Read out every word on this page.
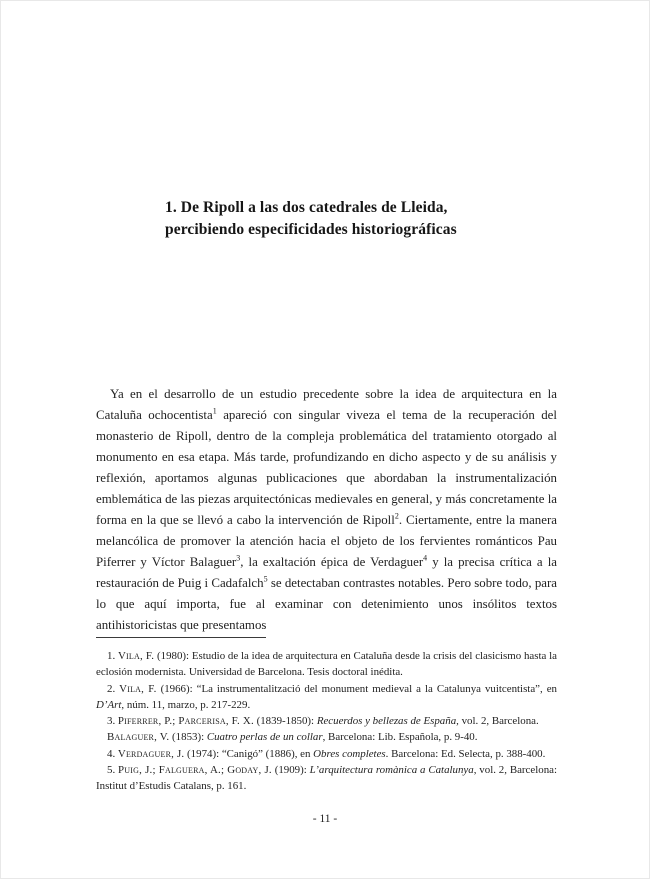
1. De Ripoll a las dos catedrales de Lleida,
percibiendo especificidades historiográficas

Ya en el desarrollo de un estudio precedente sobre la idea de arquitectura en la Cataluña ochocentista$^1$ apareció con singular viveza el tema de la recuperación del monasterio de Ripoll, dentro de la compleja problemática del tratamiento otorgado al monumento en esa etapa. Más tarde, profundizando en dicho aspecto y de su análisis y reflexión, aportamos algunas publicaciones que abordaban la instrumentalización emblemática de las piezas arquitectónicas medievales en general, y más concretamente la forma en la que se llevó a cabo la intervención de Ripoll$^2$. Ciertamente, entre la manera melancólica de promover la atención hacia el objeto de los fervientes románticos Pau Piferrer y Víctor Balaguer$^3$, la exaltación épica de Verdaguer$^4$ y la precisa crítica a la restauración de Puig i Cadafalch$^5$ se detectaban contrastes notables. Pero sobre todo, para lo que aquí importa, fue al examinar con detenimiento unos insólitos textos antihistoricistas que presentamos

1. Vila, F. (1980): Estudio de la idea de arquitectura en Cataluña desde la crisis del clasicismo hasta la eclosión modernista. Universidad de Barcelona. Tesis doctoral inédita.

2. Vila, F. (1966): “La instrumentalització del monument medieval a la Catalunya vuitcentista”, en D’Art, núm. 11, marzo, p. 217-229.

3. Piferrer, P.; Parcerisa, F. X. (1839-1850): Recuerdos y bellezas de España, vol. 2, Barcelona.

Balaguer, V. (1853): Cuatro perlas de un collar, Barcelona: Lib. Española, p. 9-40.

4. Verdaguer, J. (1974): “Canigó” (1886), en Obres completes. Barcelona: Ed. Selecta, p. 388-400.

5. Puig, J.; Falguera, A.; Goday, J. (1909): L’arquitectura romànica a Catalunya, vol. 2, Barcelona: Institut d’Estudis Catalans, p. 161.

- 11 -
